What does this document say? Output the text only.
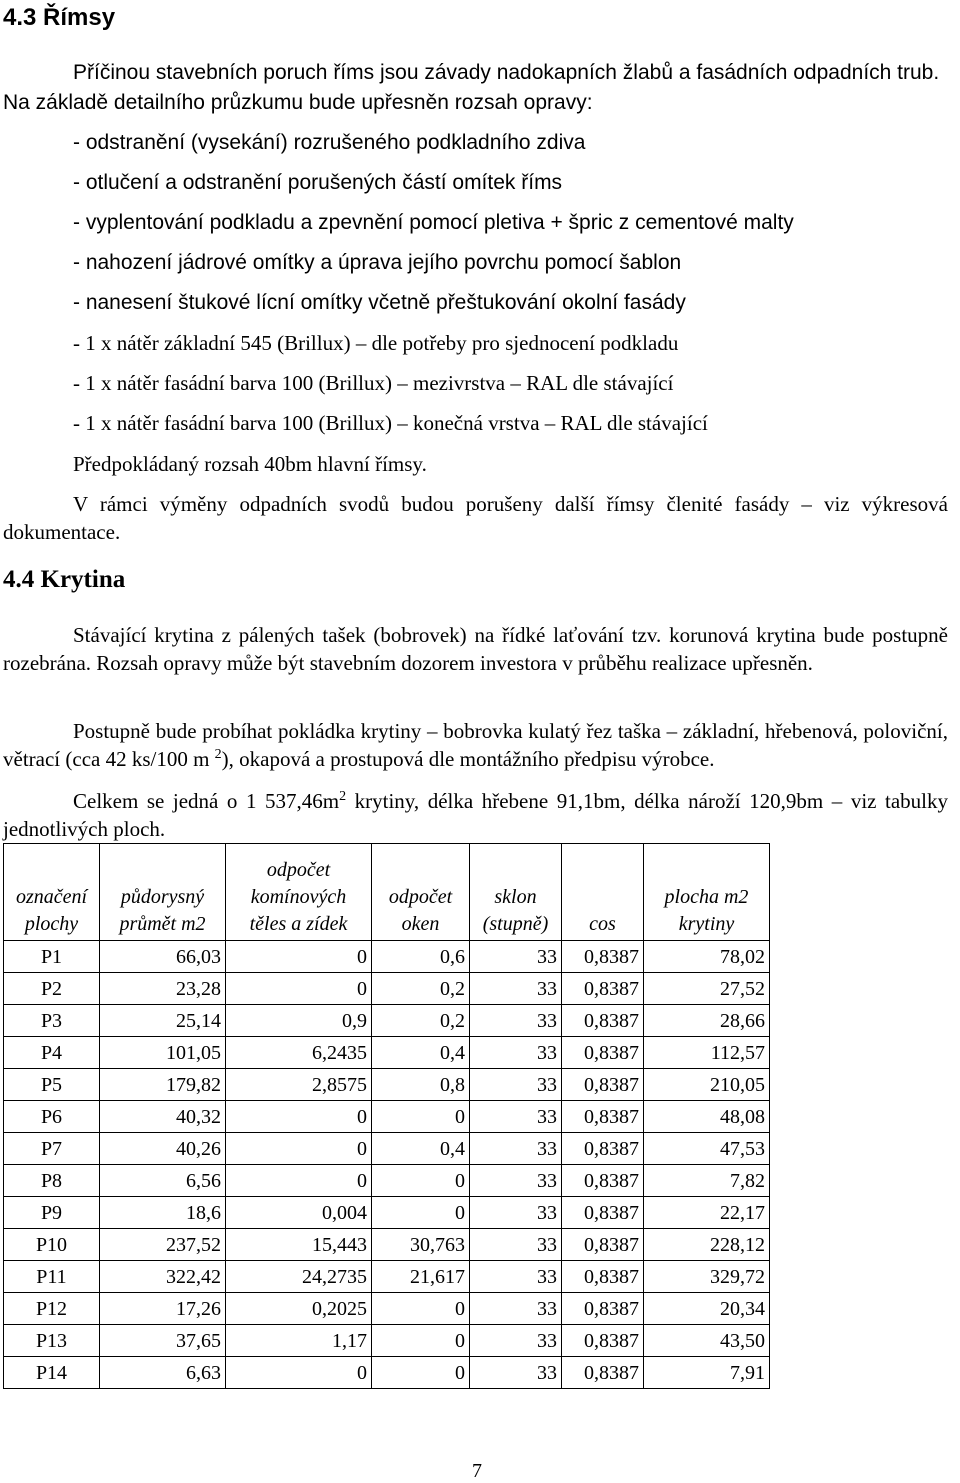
4.3 Římsy
Příčinou stavebních poruch říms jsou závady nadokapních žlabů a fasádních odpadních trub.
Na základě detailního průzkumu bude upřesněn rozsah opravy:
- odstranění (vysekání) rozrušeného podkladního zdiva
- otlučení a odstranění porušených částí omítek říms
- vyplentování podkladu a zpevnění pomocí pletiva + špric z cementové malty
- nahození jádrové omítky a úprava jejího povrchu pomocí šablon
- nanesení štukové lícní omítky včetně přeštukování okolní fasády
- 1 x nátěr základní 545 (Brillux) – dle potřeby pro sjednocení podkladu
- 1 x nátěr fasádní barva 100 (Brillux) – mezivrstva – RAL dle stávající
- 1 x nátěr fasádní barva 100 (Brillux) – konečná vrstva – RAL dle stávající
Předpokládaný rozsah 40bm hlavní římsy.
V rámci výměny odpadních svodů budou porušeny další římsy členité fasády – viz výkresová dokumentace.
4.4 Krytina
Stávající krytina z pálených tašek (bobrovek) na řídké laťování tzv. korunová krytina bude postupně rozebrána. Rozsah opravy může být stavebním dozorem investora v průběhu realizace upřesněn.
Postupně bude probíhat pokládka krytiny – bobrovka kulatý řez taška – základní, hřebenová, poloviční, větrací (cca 42 ks/100 m $^2$), okapová a prostupová dle montážního předpisu výrobce.
Celkem se jedná o 1 $537,46m^2$ krytiny, délka hřebene 91,1bm, délka nároží 120,9bm – viz tabulky jednotlivých ploch.
označení plochy	půdorysný průmět m2	odpočet komínových těles a zídek	odpočet oken	sklon (stupně)	cos	plocha m2 krytiny
P1	66,03	0	0,6	33	0,8387	78,02
P2	23,28	0	0,2	33	0,8387	27,52
P3	25,14	0,9	0,2	33	0,8387	28,66
P4	101,05	6,2435	0,4	33	0,8387	112,57
P5	179,82	2,8575	0,8	33	0,8387	210,05
P6	40,32	0	0	33	0,8387	48,08
P7	40,26	0	0,4	33	0,8387	47,53
P8	6,56	0	0	33	0,8387	7,82
P9	18,6	0,004	0	33	0,8387	22,17
P10	237,52	15,443	30,763	33	0,8387	228,12
P11	322,42	24,2735	21,617	33	0,8387	329,72
P12	17,26	0,2025	0	33	0,8387	20,34
P13	37,65	1,17	0	33	0,8387	43,50
P14	6,63	0	0	33	0,8387	7,91
7
